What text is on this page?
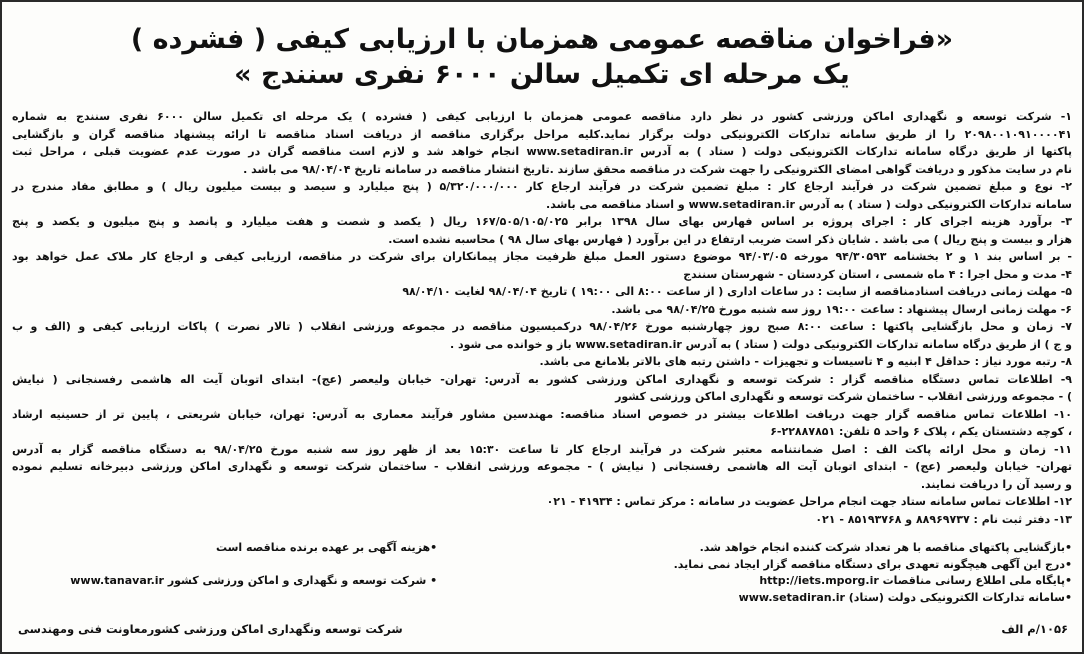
«فراخوان مناقصه عمومی همزمان با ارزیابی کیفی ( فشرده )
یک مرحله ای تکمیل سالن ۶۰۰۰ نفری سنندج »
۱- شرکت توسعه و نگهداری اماکن ورزشی کشور در نظر دارد مناقصه عمومی همزمان با ارزیابی کیفی ( فشرده ) یک مرحله ای تکمیل سالن ۶۰۰۰ نفری سنندج به شماره
۲۰۹۸۰۰۱۰۹۱۰۰۰۰۴۱ را از طریق سامانه تدارکات الکترونیکی دولت برگزار نماید.کلیه مراحل برگزاری مناقصه از دریافت اسناد مناقصه تا ارائه پیشنهاد مناقصه گران و بازگشایی
پاکتها از طریق درگاه سامانه تدارکات الکترونیکی دولت ( ستاد ) به آدرس www.setadiran.ir انجام خواهد شد و لازم است مناقصه گران در صورت عدم عضویت قبلی ، مراحل ثبت
نام در سایت مذکور و دریافت گواهی امضای الکترونیکی را جهت شرکت در مناقصه محقق سازند .تاریخ انتشار مناقصه در سامانه تاریخ ۹۸/۰۴/۰۴ می باشد .
۲- نوع و مبلغ تضمین شرکت در فرآیند ارجاع کار : مبلغ تضمین شرکت در فرآیند ارجاع کار ۵/۳۲۰/۰۰۰/۰۰۰ ( پنج میلیارد و سیصد و بیست میلیون ریال ) و مطابق مفاد مندرج در
سامانه تدارکات الکترونیکی دولت ( ستاد ) به آدرس www.setadiran.ir و اسناد مناقصه می باشد.
۳- برآورد هزینه اجرای کار : اجرای پروژه بر اساس فهارس بهای سال ۱۳۹۸ برابر ۱۶۷/۵۰۵/۱۰۵/۰۲۵ ریال ( یکصد و شصت و هفت میلیارد و پانصد و پنج میلیون و یکصد و پنج
هزار و بیست و پنج ریال ) می باشد . شایان ذکر است ضریب ارتفاع در این برآورد ( فهارس بهای سال ۹۸ ) محاسبه نشده است.
- بر اساس بند ۱ و ۲ بخشنامه ۹۴/۳۰۵۹۳ مورخه ۹۴/۰۳/۰۵ موضوع دستور العمل مبلغ ظرفیت مجاز پیمانکاران برای شرکت در مناقصه، ارزیابی کیفی و ارجاع کار ملاک عمل خواهد بود
۴- مدت و محل اجرا : ۴ ماه شمسی ، استان کردستان - شهرستان سنندج
۵- مهلت زمانی دریافت اسنادمناقصه از سایت : در ساعات اداری ( از ساعت ۸:۰۰ الی ۱۹:۰۰ ) تاریخ ۹۸/۰۴/۰۴ لغایت ۹۸/۰۴/۱۰
۶- مهلت زمانی ارسال پیشنهاد : ساعت ۱۹:۰۰ روز سه شنبه مورخ ۹۸/۰۴/۲۵ می باشد.
۷- زمان و محل بازگشایی پاکتها : ساعت ۸:۰۰ صبح روز چهارشنبه مورخ ۹۸/۰۴/۲۶ درکمیسیون مناقصه در مجموعه ورزشی انقلاب ( تالار نصرت ) پاکات ارزیابی کیفی و (الف و ب
و ج ) از طریق درگاه سامانه تدارکات الکترونیکی دولت ( ستاد ) به آدرس www.setadiran.ir باز و خوانده می شود .
۸- رتبه مورد نیاز : حداقل ۴ ابنیه و ۴ تاسیسات و تجهیزات - داشتن رتبه های بالاتر بلامانع می باشد.
۹- اطلاعات تماس دستگاه مناقصه گزار : شرکت توسعه و نگهداری اماکن ورزشی کشور به آدرس: تهران- خیابان ولیعصر (عج)- ابتدای اتوبان آیت اله هاشمی رفسنجانی ( نیایش
) - مجموعه ورزشی انقلاب - ساختمان شرکت توسعه و نگهداری اماکن ورزشی کشور
۱۰- اطلاعات تماس مناقصه گزار جهت دریافت اطلاعات بیشتر در خصوص اسناد مناقصه: مهندسین مشاور فرآیند معماری به آدرس: تهران، خیابان شریعتی ، پایین تر از حسینیه ارشاد
، کوچه دشتستان یکم ، پلاک ۶ واحد ۵ تلفن: ۲۲۸۸۷۸۵۱-۶
۱۱- زمان و محل ارائه پاکت الف : اصل ضمانتنامه معتبر شرکت در فرآیند ارجاع کار تا ساعت ۱۵:۳۰ بعد از ظهر روز سه شنبه مورخ ۹۸/۰۴/۲۵ به دستگاه مناقصه گزار به آدرس
تهران- خیابان ولیعصر (عج) - ابتدای اتوبان آیت اله هاشمی رفسنجانی ( نیایش ) - مجموعه ورزشی انقلاب - ساختمان شرکت توسعه و نگهداری اماکن ورزشی دبیرخانه تسلیم نموده
و رسید آن را دریافت نمایند.
۱۲- اطلاعات تماس سامانه ستاد جهت انجام مراحل عضویت در سامانه : مرکز تماس : ۴۱۹۳۴ - ۰۲۱
۱۳- دفتر ثبت نام : ۸۸۹۶۹۷۳۷ و ۸۵۱۹۳۷۶۸ - ۰۲۱
•بازگشایی پاکتهای مناقصه با هر تعداد شرکت کننده انجام خواهد شد.
•هزینه آگهی بر عهده برنده مناقصه است
•درج این آگهی هیچگونه تعهدی برای دستگاه مناقصه گزار ایجاد نمی نماید.
•پایگاه ملی اطلاع رسانی مناقصات http://iets.mporg.ir
• شرکت توسعه و نگهداری و اماکن ورزشی کشور www.tanavar.ir
•سامانه تدارکات الکترونیکی دولت (ستاد) www.setadiran.ir
۱۰۵۶/م الف
شرکت توسعه ونگهداری اماکن ورزشی کشورمعاونت فنی ومهندسی
